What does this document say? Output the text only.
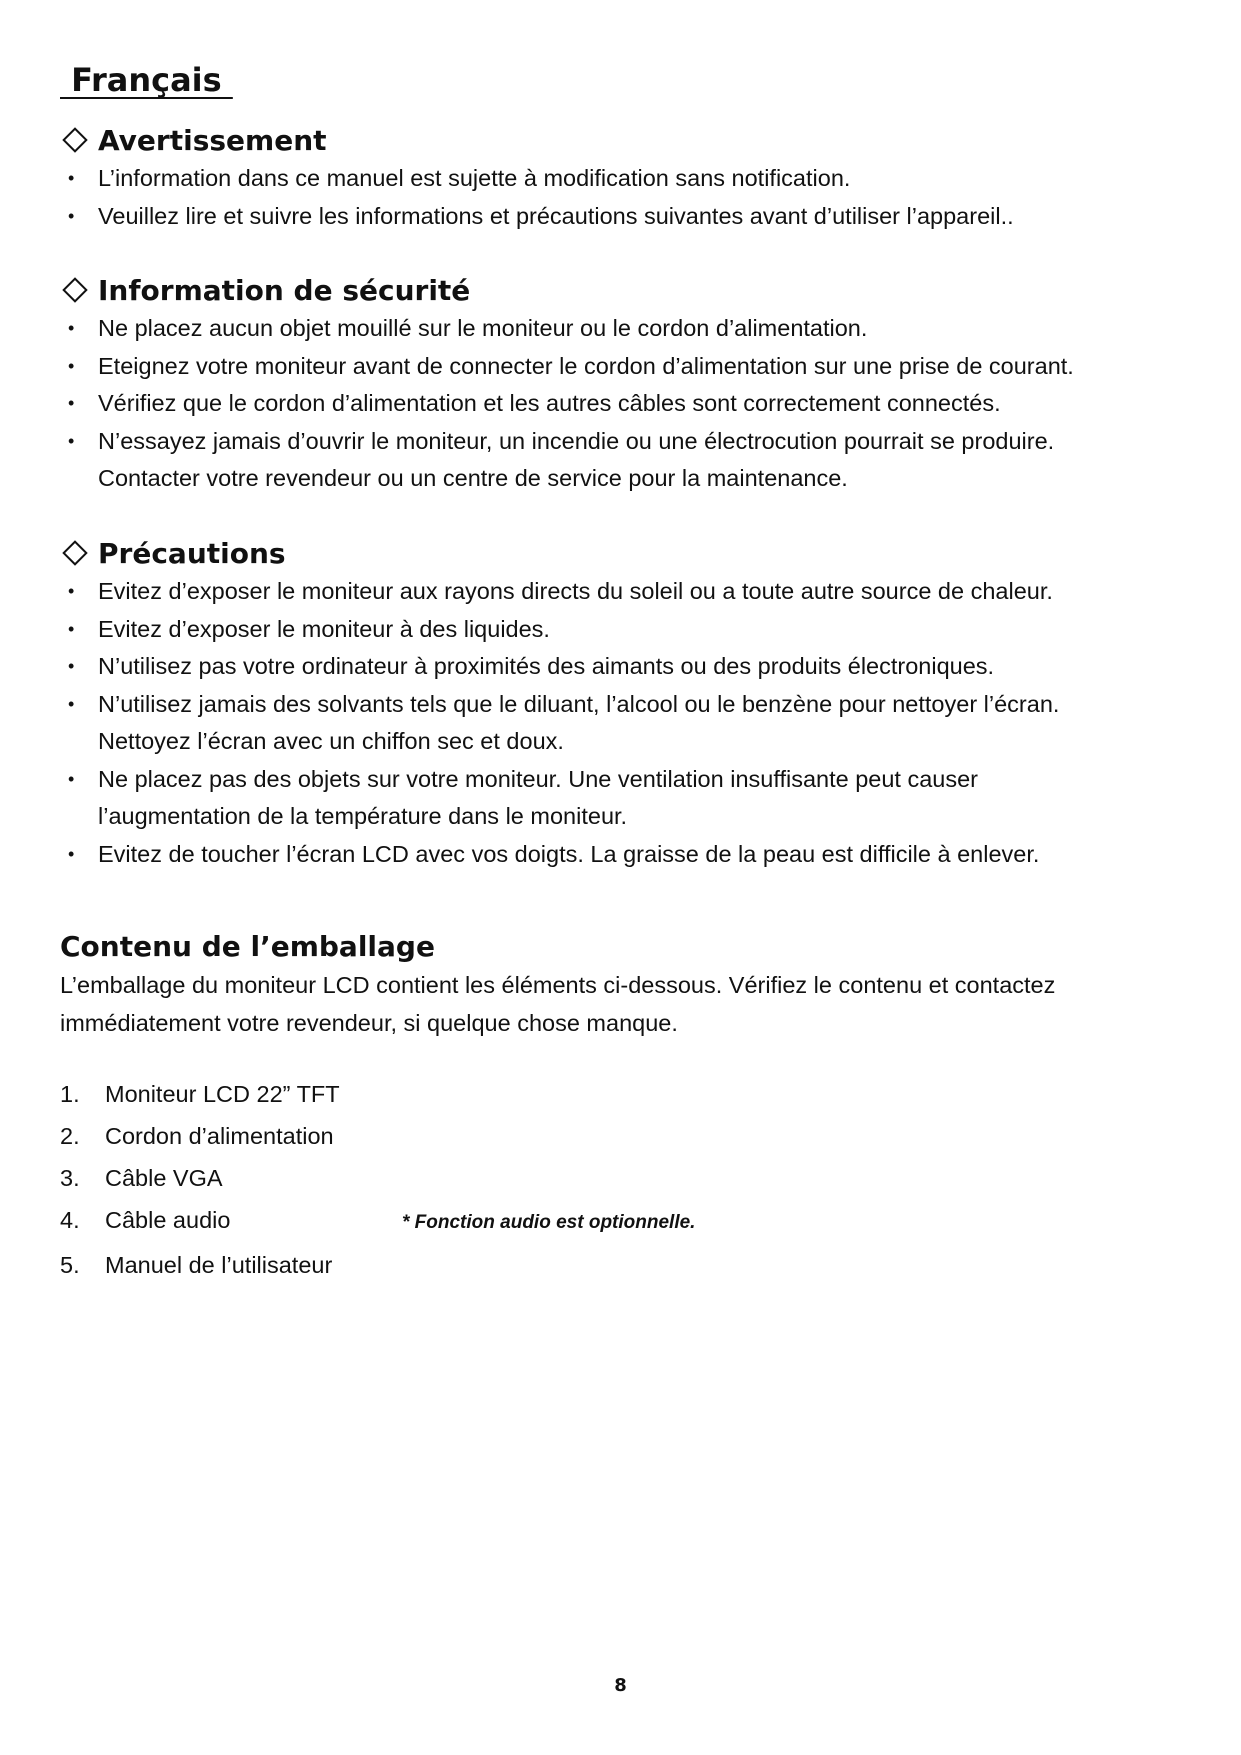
Français
Avertissement
• L’information dans ce manuel est sujette à modification sans notification.
• Veuillez lire et suivre les informations et précautions suivantes avant d’utiliser l’appareil..
Information de sécurité
• Ne placez aucun objet mouillé sur le moniteur ou le cordon d’alimentation.
• Eteignez votre moniteur avant de connecter le cordon d’alimentation sur une prise de courant.
• Vérifiez que le cordon d’alimentation et les autres câbles sont correctement connectés.
• N’essayez jamais d’ouvrir le moniteur, un incendie ou une électrocution pourrait se produire.
Contacter votre revendeur ou un centre de service pour la maintenance.
Précautions
• Evitez d’exposer le moniteur aux rayons directs du soleil ou a toute autre source de chaleur.
• Evitez d’exposer le moniteur à des liquides.
• N’utilisez pas votre ordinateur à proximités des aimants ou des produits électroniques.
• N’utilisez jamais des solvants tels que le diluant, l’alcool ou le benzène pour nettoyer l’écran.
Nettoyez l’écran avec un chiffon sec et doux.
• Ne placez pas des objets sur votre moniteur. Une ventilation insuffisante peut causer
l’augmentation de la température dans le moniteur.
• Evitez de toucher l’écran LCD avec vos doigts. La graisse de la peau est difficile à enlever.
Contenu de l’emballage
L’emballage du moniteur LCD contient les éléments ci-dessous. Vérifiez le contenu et contactez
immédiatement votre revendeur, si quelque chose manque.
1.	Moniteur LCD 22” TFT
2.	Cordon d’alimentation
3.	Câble VGA
4.	Câble audio	* Fonction audio est optionnelle.
5.	Manuel de l’utilisateur
8
